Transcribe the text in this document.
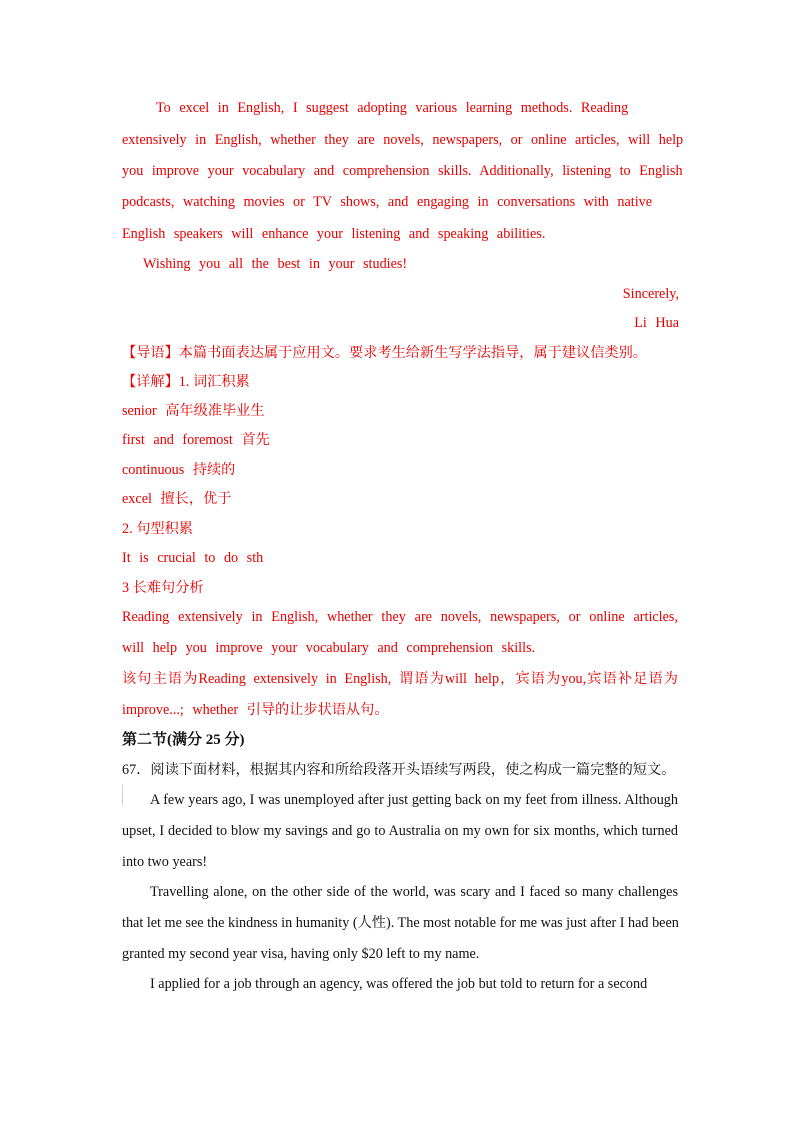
To excel in English, I suggest adopting various learning methods. Reading
extensively in English, whether they are novels, newspapers, or online articles, will help
you improve your vocabulary and comprehension skills. Additionally, listening to English
podcasts, watching movies or TV shows, and engaging in conversations with native
English speakers will enhance your listening and speaking abilities.
Wishing you all the best in your studies!
Sincerely,
Li Hua
【导语】本篇书面表达属于应用文。要求考生给新生写学法指导，属于建议信类别。
【详解】1. 词汇积累
senior 高年级准毕业生
first and foremost 首先
continuous 持续的
excel 擅长，优于
2. 句型积累
It is crucial to do sth
3 长难句分析
Reading extensively in English, whether they are novels, newspapers, or online articles,
will help you improve your vocabulary and comprehension skills.
该句主语为Reading extensively in English, 谓语为will help，宾语为you,宾语补足语为
improve...; whether 引导的让步状语从句。
第二节(满分 25 分)
67．阅读下面材料，根据其内容和所给段落开头语续写两段，使之构成一篇完整的短文。
A few years ago, I was unemployed after just getting back on my feet from illness. Although
upset, I decided to blow my savings and go to Australia on my own for six months, which turned
into two years!
Travelling alone, on the other side of the world, was scary and I faced so many challenges
that let me see the kindness in humanity (人性). The most notable for me was just after I had been
granted my second year visa, having only $20 left to my name.
I applied for a job through an agency, was offered the job but told to return for a second
